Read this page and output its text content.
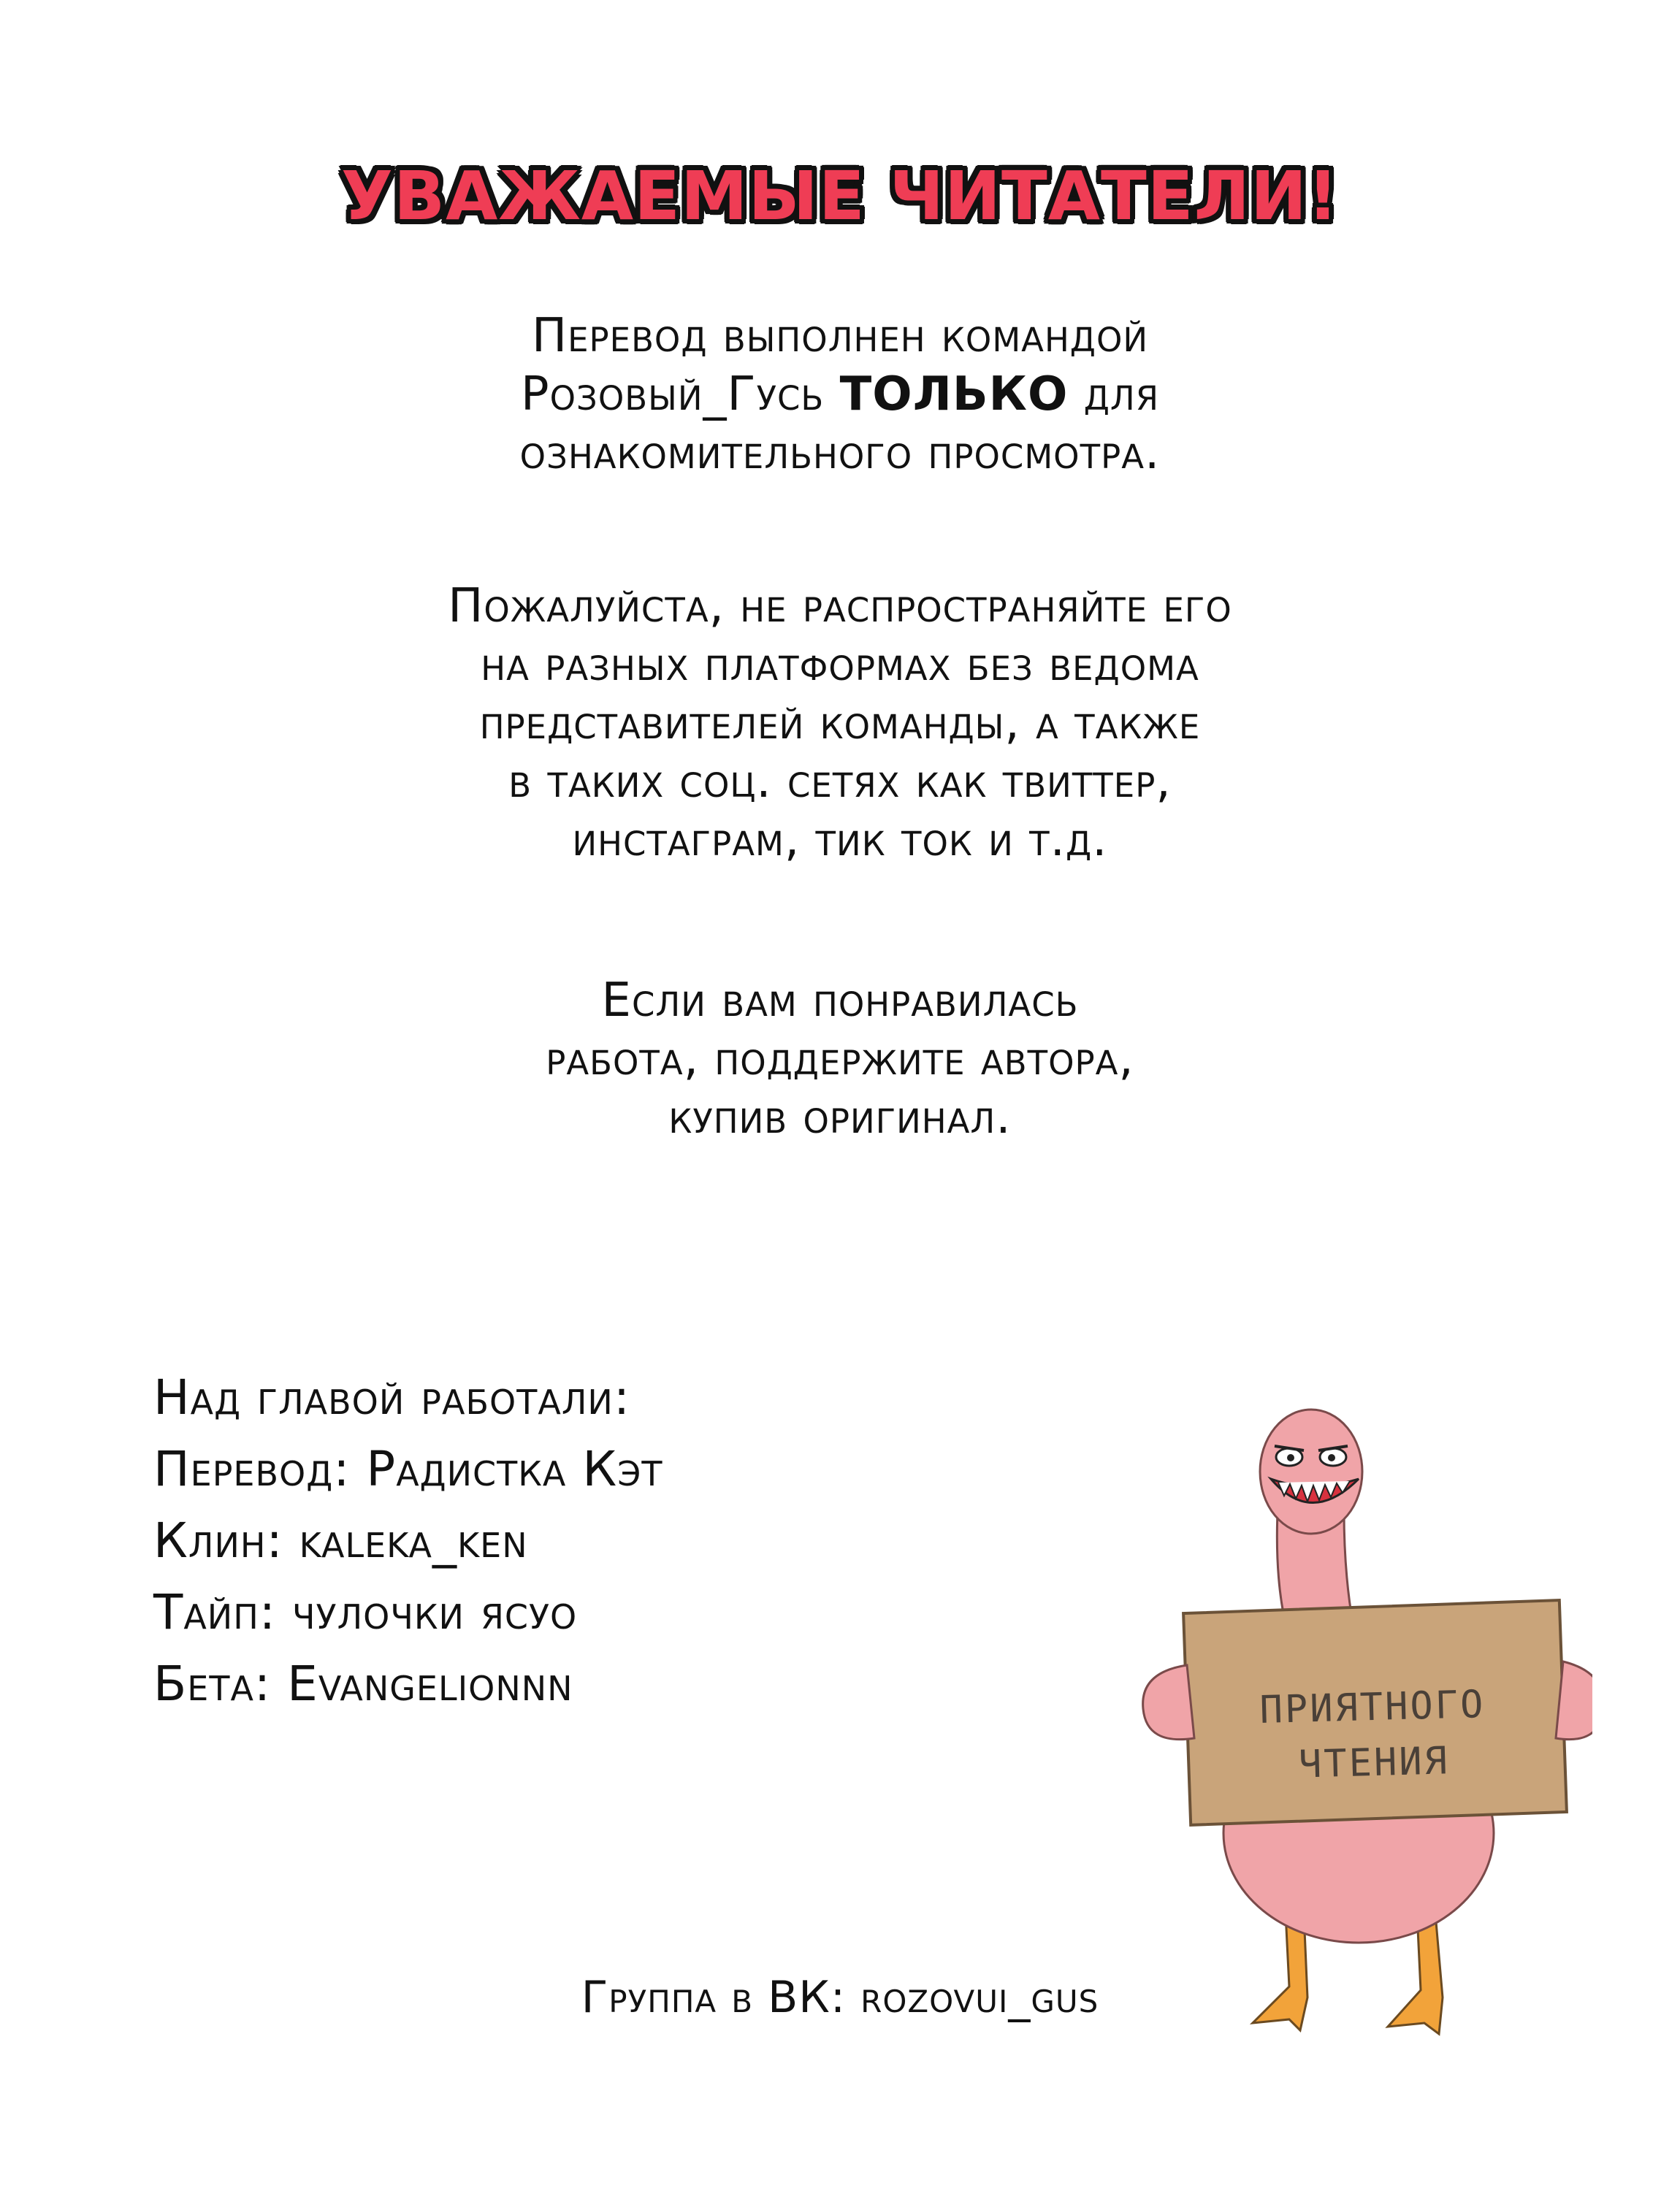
УВАЖАЕМЫЕ ЧИТАТЕЛИ!
Перевод выполнен командой
Розовый_Гусь ТОЛЬКО для
ознакомительного просмотра.
Пожалуйста, не распространяйте его
на разных платформах без ведома
представителей команды, а также
в таких соц. сетях как твиттер,
инстаграм, тик ток и т.д.
Если вам понравилась
работа, поддержите автора,
купив оригинал.
Над главой работали:
Перевод: Радистка Кэт
Клин: kaleka_ken
Тайп: чулочки ясуо
Бета: Evangelionnn	ПРИЯТНОГО
ЧТЕНИЯ
Группа в ВК: rozovui_gus
